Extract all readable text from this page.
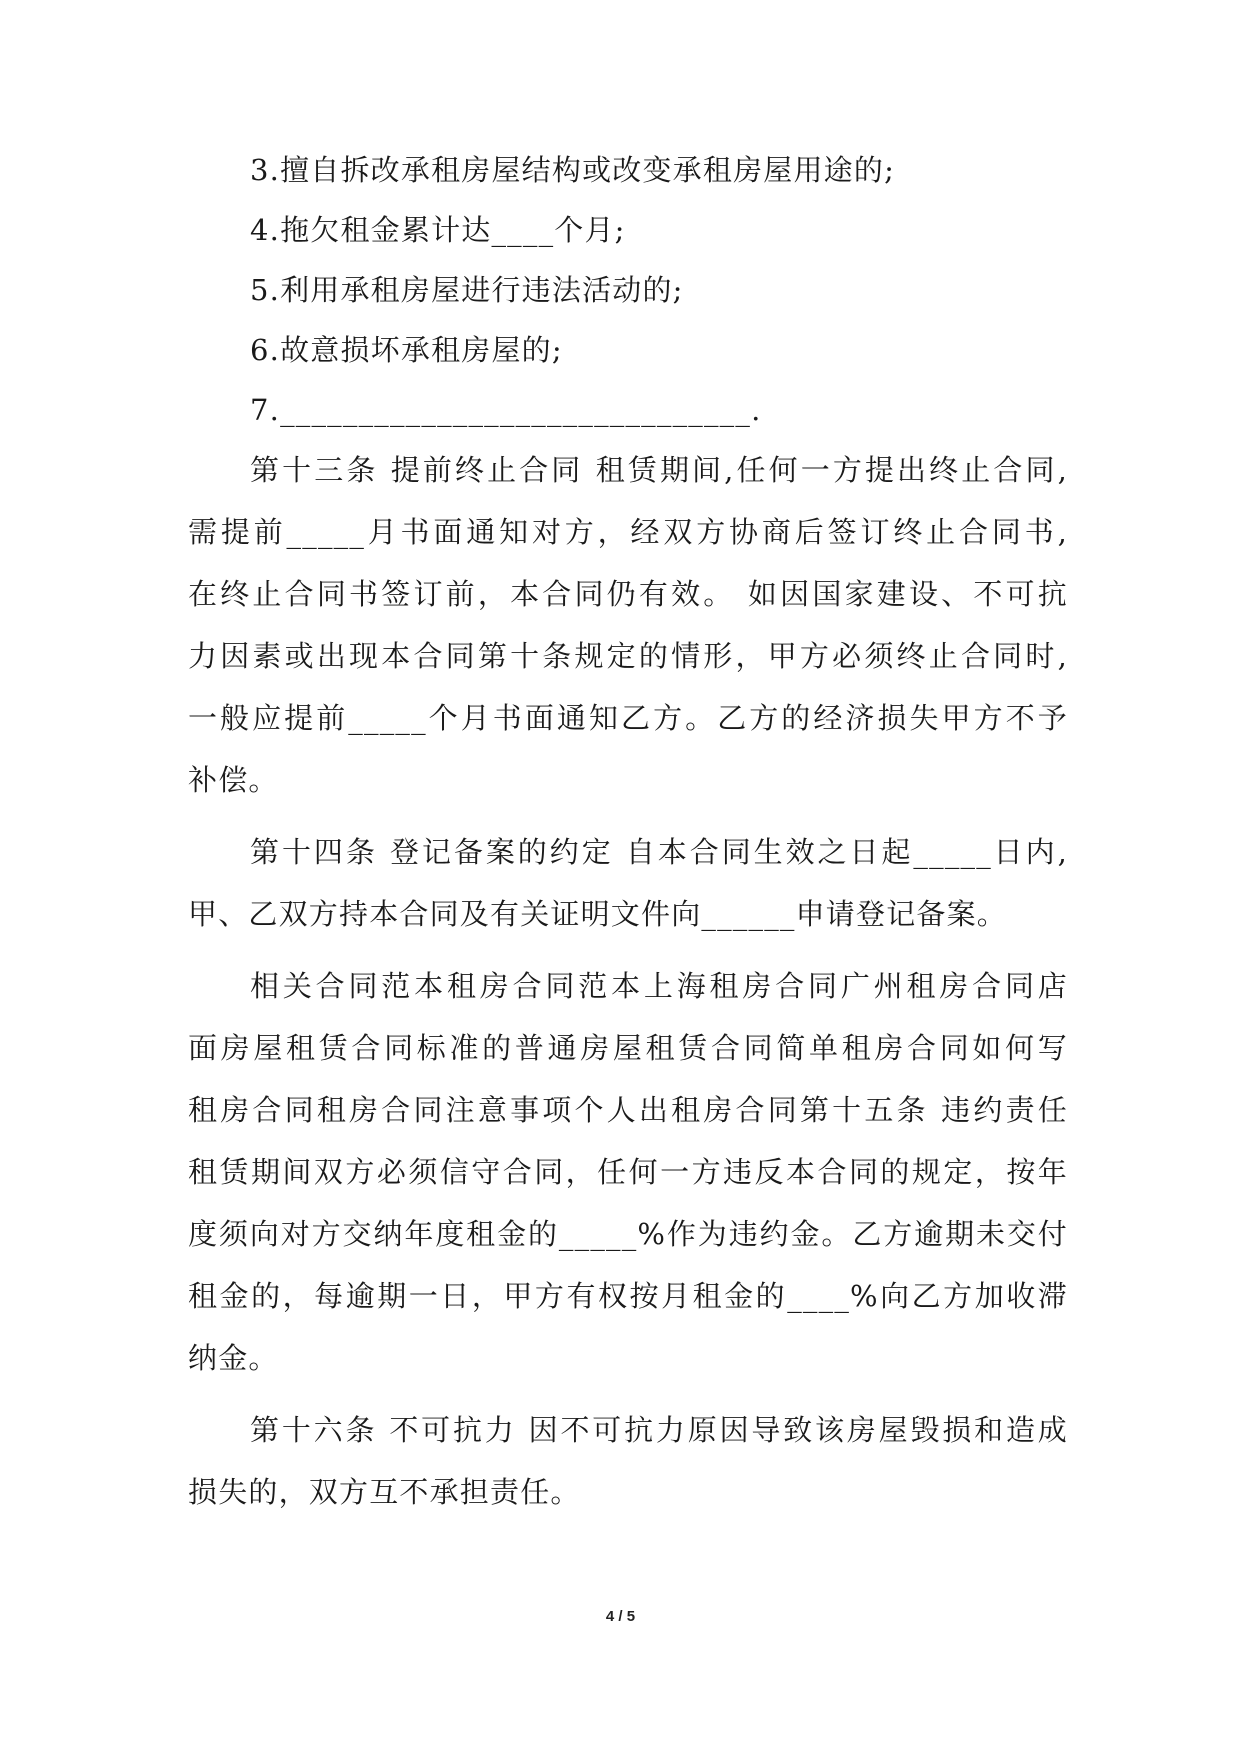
3.擅自拆改承租房屋结构或改变承租房屋用途的;
4.拖欠租金累计达____个月;
5.利用承租房屋进行违法活动的;
6.故意损坏承租房屋的;
7.______________________________.
第十三条 提前终止合同 租赁期间,任何一方提出终止合同,
需提前_____月书面通知对方，经双方协商后签订终止合同书,
在终止合同书签订前，本合同仍有效。 如因国家建设、不可抗
力因素或出现本合同第十条规定的情形，甲方必须终止合同时,
一般应提前_____个月书面通知乙方。乙方的经济损失甲方不予
补偿。
第十四条 登记备案的约定 自本合同生效之日起_____日内,
甲、乙双方持本合同及有关证明文件向______申请登记备案。
相关合同范本租房合同范本上海租房合同广州租房合同店
面房屋租赁合同标准的普通房屋租赁合同简单租房合同如何写
租房合同租房合同注意事项个人出租房合同第十五条 违约责任
租赁期间双方必须信守合同，任何一方违反本合同的规定，按年
度须向对方交纳年度租金的_____%作为违约金。乙方逾期未交付
租金的，每逾期一日，甲方有权按月租金的____%向乙方加收滞
纳金。
第十六条 不可抗力 因不可抗力原因导致该房屋毁损和造成
损失的，双方互不承担责任。
4 / 5
